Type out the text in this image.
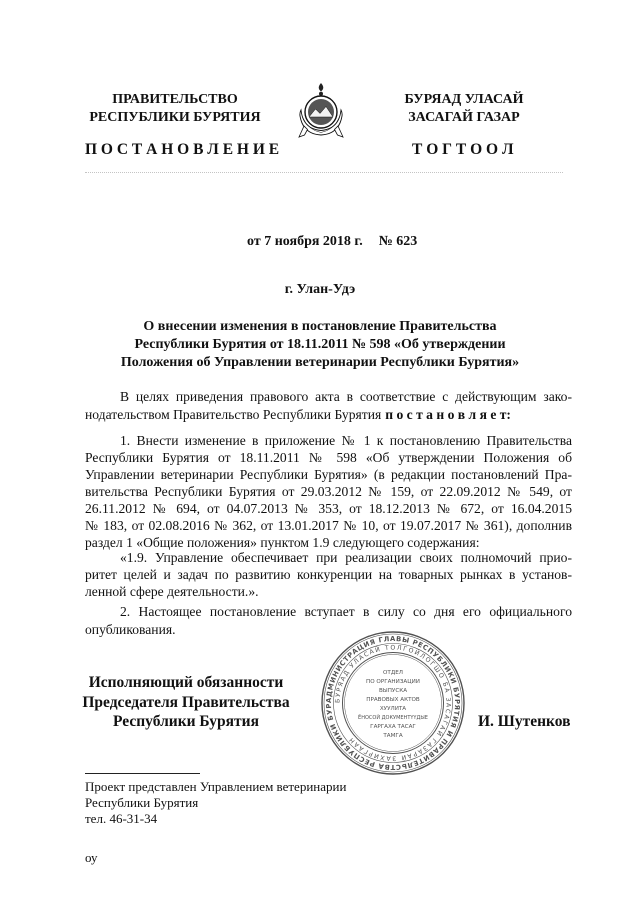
ПРАВИТЕЛЬСТВО
РЕСПУБЛИКИ БУРЯТИЯ
БУРЯАД УЛАСАЙ
ЗАСАГАЙ ГАЗАР
П О С Т А Н О В Л Е Н И Е	Т О Г Т О О Л
от 7 ноября 2018 г. № 623
г. Улан-Удэ
О внесении изменения в постановление Правительства
Республики Бурятия от 18.11.2011 № 598 «Об утверждении
Положения об Управлении ветеринарии Республики Бурятия»
В целях приведения правового акта в соответствие с действующим зако-
нодательством Правительство Республики Бурятия п о с т а н о в л я е т:
1. Внести изменение в приложение № 1 к постановлению Правительства
Республики Бурятия от 18.11.2011 № 598 «Об утверждении Положения об
Управлении ветеринарии Республики Бурятия» (в редакции постановлений Пра-
вительства Республики Бурятия от 29.03.2012 № 159, от 22.09.2012 № 549, от
26.11.2012 № 694, от 04.07.2013 № 353, от 18.12.2013 № 672, от 16.04.2015
№ 183, от 02.08.2016 № 362, от 13.01.2017 № 10, от 19.07.2017 № 361), дополнив
раздел 1 «Общие положения» пунктом 1.9 следующего содержания:
«1.9. Управление обеспечивает при реализации своих полномочий прио-
ритет целей и задач по развитию конкуренции на товарных рынках в установ-
ленной сфере деятельности.».
2. Настоящее постановление вступает в силу со дня его официального
опубликования.
Исполняющий обязанности
Председателя Правительства
Республики Бурятия
АДМИНИСТРАЦИЯ ГЛАВЫ РЕСПУБЛИКИ БУРЯТИЯ И ПРАВИТЕЛЬСТВА РЕСПУБЛИКИ БУР
БУРЯАД УЛАСАЙ ТОЛГОЙЛОГШО БА ЗАСАГАЙ ГАЗАРАЙ ЗАХИРГААН
ОТДЕЛ
ПО ОРГАНИЗАЦИИ
ВЫПУСКА
ПРАВОВЫХ АКТОВ
ХУУЛИТА
ЁНОСОЙ ДОКУМЕНТҮҮДЫЕ
ГАРГАХА ТАСАГ
ТАМГА
И. Шутенков
Проект представлен Управлением ветеринарии
Республики Бурятия
тел. 46-31-34
оу
